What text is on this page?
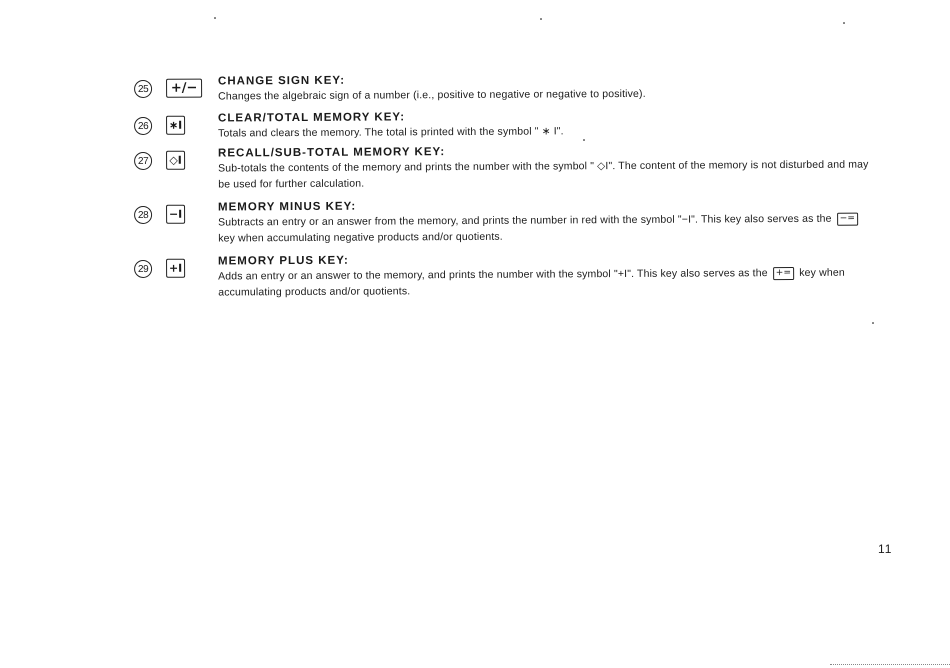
25	+/−	CHANGE SIGN KEY:
Changes the algebraic sign of a number (i.e., positive to negative or negative to positive).
26	∗I
CLEAR/TOTAL MEMORY KEY:
Totals and clears the memory. The total is printed with the symbol " ∗ I".
27	◇I
RECALL/SUB-TOTAL MEMORY KEY:
Sub-totals the contents of the memory and prints the number with the symbol " ◇I". The content of the memory is not disturbed and may be used for further calculation.
28	−I
MEMORY MINUS KEY:
Subtracts an entry or an answer from the memory, and prints the number in red with the symbol "−I". This key also serves as the −= key when accumulating negative products and/or quotients.
29	+I
MEMORY PLUS KEY:
Adds an entry or an answer to the memory, and prints the number with the symbol "+I". This key also serves as the += key when accumulating products and/or quotients.
11
